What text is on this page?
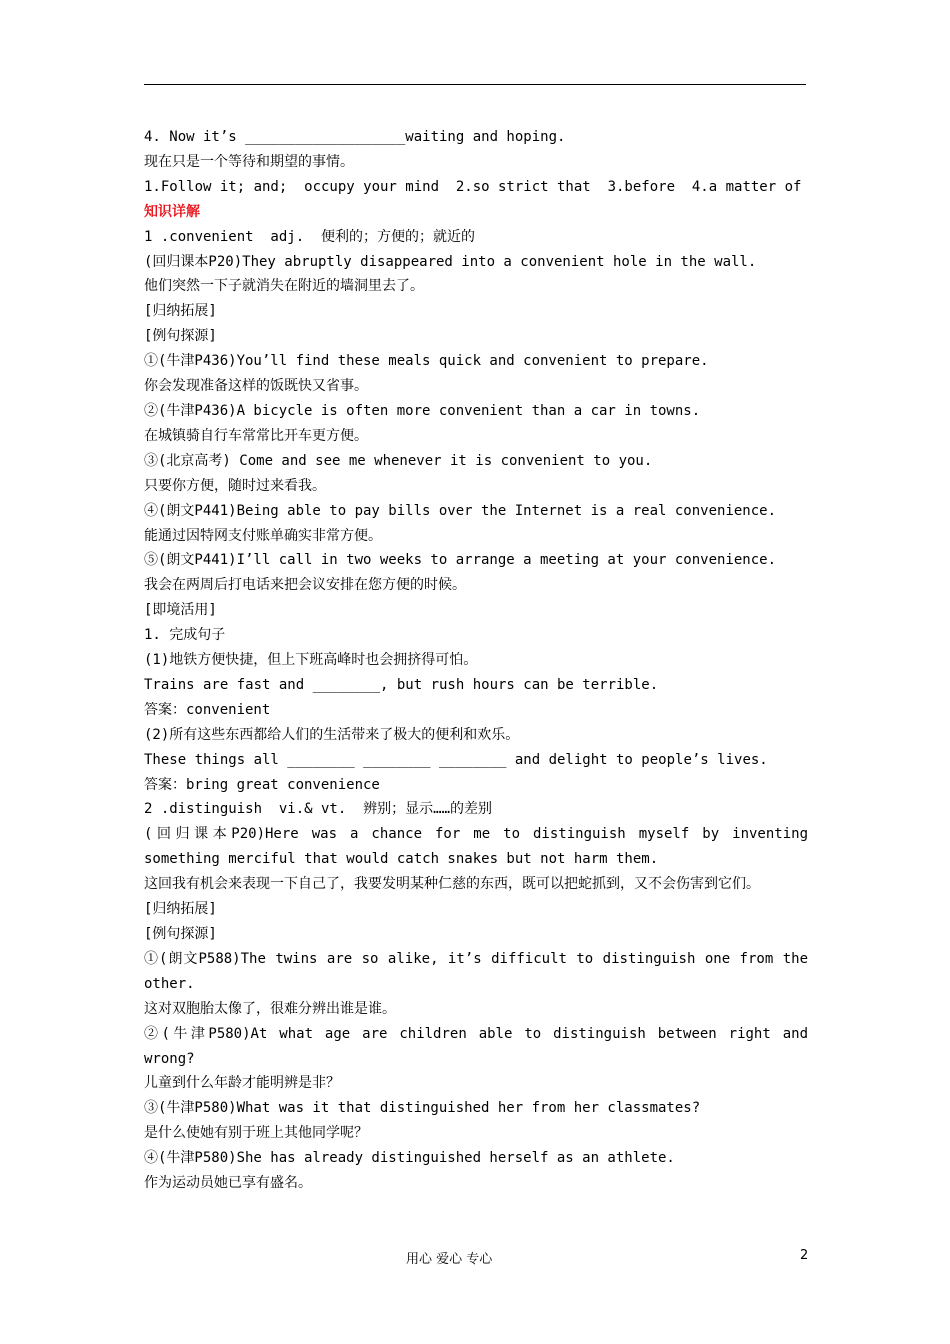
4. Now it’s ___________________waiting and hoping.
现在只是一个等待和期望的事情。
1.Follow it; and;  occupy your mind  2.so strict that  3.before  4.a matter of
知识详解
1 .convenient  adj.  便利的；方便的；就近的
(回归课本P20)They abruptly disappeared into a convenient hole in the wall.
他们突然一下子就消失在附近的墙洞里去了。
[归纳拓展]
[例句探源]
①(牛津P436)You’ll find these meals quick and convenient to prepare.
你会发现准备这样的饭既快又省事。
②(牛津P436)A bicycle is often more convenient than a car in towns.
在城镇骑自行车常常比开车更方便。
③(北京高考) Come and see me whenever it is convenient to you.
只要你方便，随时过来看我。
④(朗文P441)Being able to pay bills over the Internet is a real convenience.
能通过因特网支付账单确实非常方便。
⑤(朗文P441)I’ll call in two weeks to arrange a meeting at your convenience.
我会在两周后打电话来把会议安排在您方便的时候。
[即境活用]
1. 完成句子
(1)地铁方便快捷，但上下班高峰时也会拥挤得可怕。
Trains are fast and ________, but rush hours can be terrible.
答案：convenient
(2)所有这些东西都给人们的生活带来了极大的便利和欢乐。
These things all ________ ________ ________ and delight to people’s lives.
答案：bring great convenience
2 .distinguish  vi.& vt.  辨别；显示……的差别
(回归课本P20)Here was a chance for me to distinguish myself by inventing something merciful that would catch snakes but not harm them.
这回我有机会来表现一下自己了，我要发明某种仁慈的东西，既可以把蛇抓到，又不会伤害到它们。
[归纳拓展]
[例句探源]
①(朗文P588)The twins are so alike, it’s difficult to distinguish one from the other.
这对双胞胎太像了，很难分辨出谁是谁。
②(牛津P580)At what age are children able to distinguish between right and wrong?
儿童到什么年龄才能明辨是非？
③(牛津P580)What was it that distinguished her from her classmates?
是什么使她有别于班上其他同学呢？
④(牛津P580)She has already distinguished herself as an athlete.
作为运动员她已享有盛名。
用心 爱心 专心	2
